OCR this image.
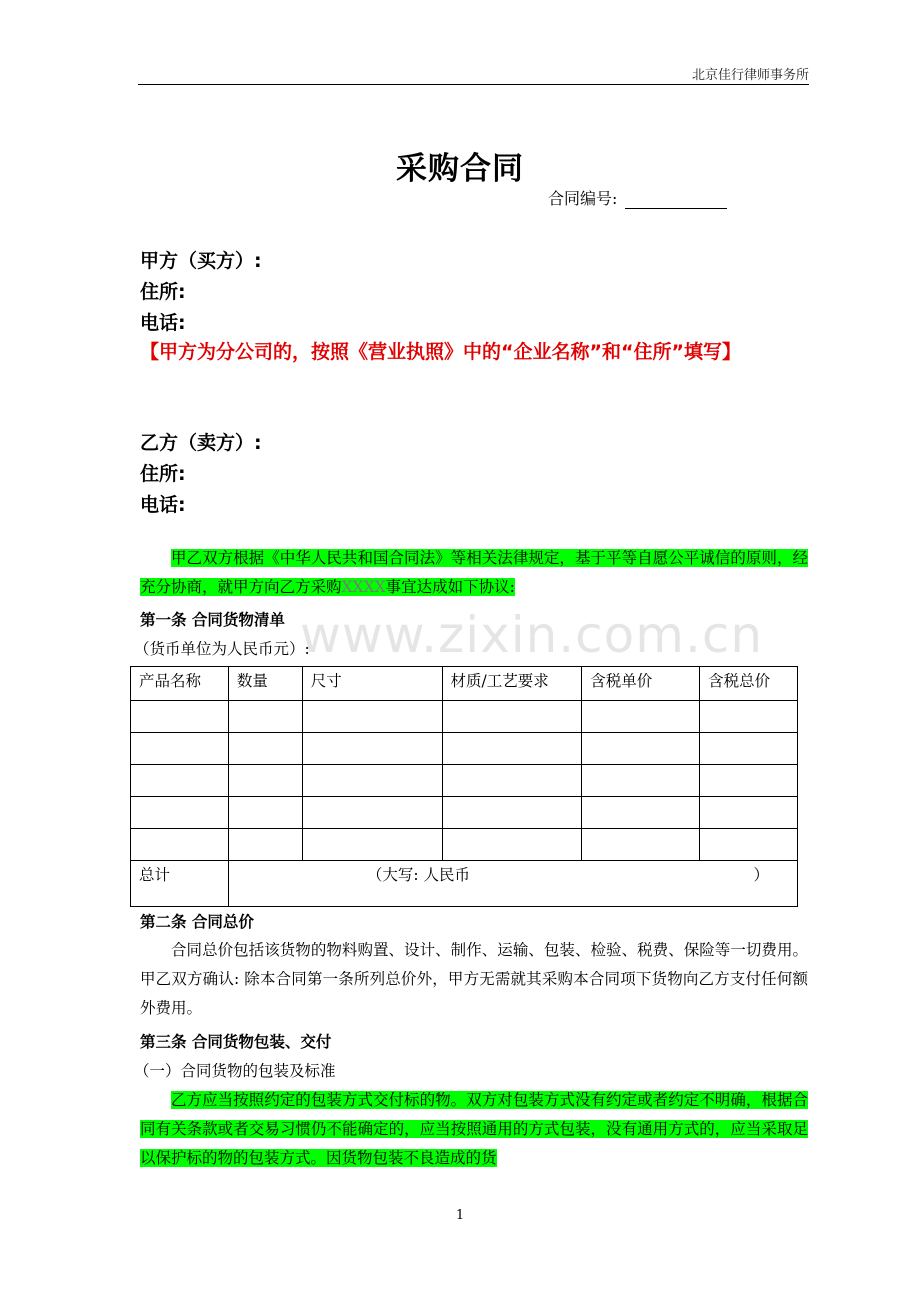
北京佳行律师事务所
www.zixin.com.cn
采购合同
合同编号:
甲方（买方）:
住所:
电话:
【甲方为分公司的，按照《营业执照》中的“企业名称”和“住所”填写】
乙方（卖方）:
住所:
电话:
甲乙双方根据《中华人民共和国合同法》等相关法律规定，基于平等自愿公平诚信的原则，经充分协商，就甲方向乙方采购XXXX事宜达成如下协议:
第一条 合同货物清单
（货币单位为人民币元）:
产品名称	数量	尺寸	材质/工艺要求	含税单价	含税总价

总计	（大写: 人民币 ）				
第二条 合同总价
合同总价包括该货物的物料购置、设计、制作、运输、包装、检验、税费、保险等一切费用。甲乙双方确认: 除本合同第一条所列总价外，甲方无需就其采购本合同项下货物向乙方支付任何额外费用。
第三条 合同货物包装、交付
（一）合同货物的包装及标准
乙方应当按照约定的包装方式交付标的物。双方对包装方式没有约定或者约定不明确，根据合同有关条款或者交易习惯仍不能确定的，应当按照通用的方式包装，没有通用方式的，应当采取足以保护标的物的包装方式。因货物包装不良造成的货
1
